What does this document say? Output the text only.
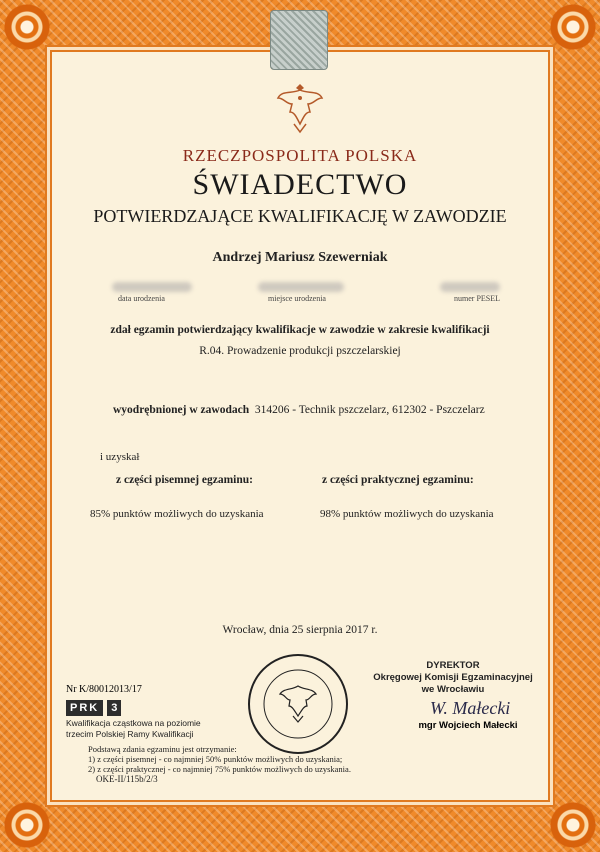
RZECZPOSPOLITA POLSKA
ŚWIADECTWO
POTWIERDZAJĄCE KWALIFIKACJĘ W ZAWODZIE
Andrzej Mariusz Szewerniak
data urodzenia	miejsce urodzenia	numer PESEL
zdał egzamin potwierdzający kwalifikacje w zawodzie w zakresie kwalifikacji
R.04. Prowadzenie produkcji pszczelarskiej
wyodrębnionej w zawodach 314206 - Technik pszczelarz, 612302 - Pszczelarz
i uzyskał
z części pisemnej egzaminu:	z części praktycznej egzaminu:
85% punktów możliwych do uzyskania	98% punktów możliwych do uzyskania
Wrocław, dnia 25 sierpnia 2017 r.
DYREKTOR
Okręgowej Komisji Egzaminacyjnej
we Wrocławiu
W. Małecki
mgr Wojciech Małecki
Nr K/80012013/17
PRK	3
Kwalifikacja cząstkowa na poziomie
trzecim Polskiej Ramy Kwalifikacji
Podstawą zdania egzaminu jest otrzymanie:
1) z części pisemnej - co najmniej 50% punktów możliwych do uzyskania;
2) z części praktycznej - co najmniej 75% punktów możliwych do uzyskania.
OKE-II/115b/2/3
